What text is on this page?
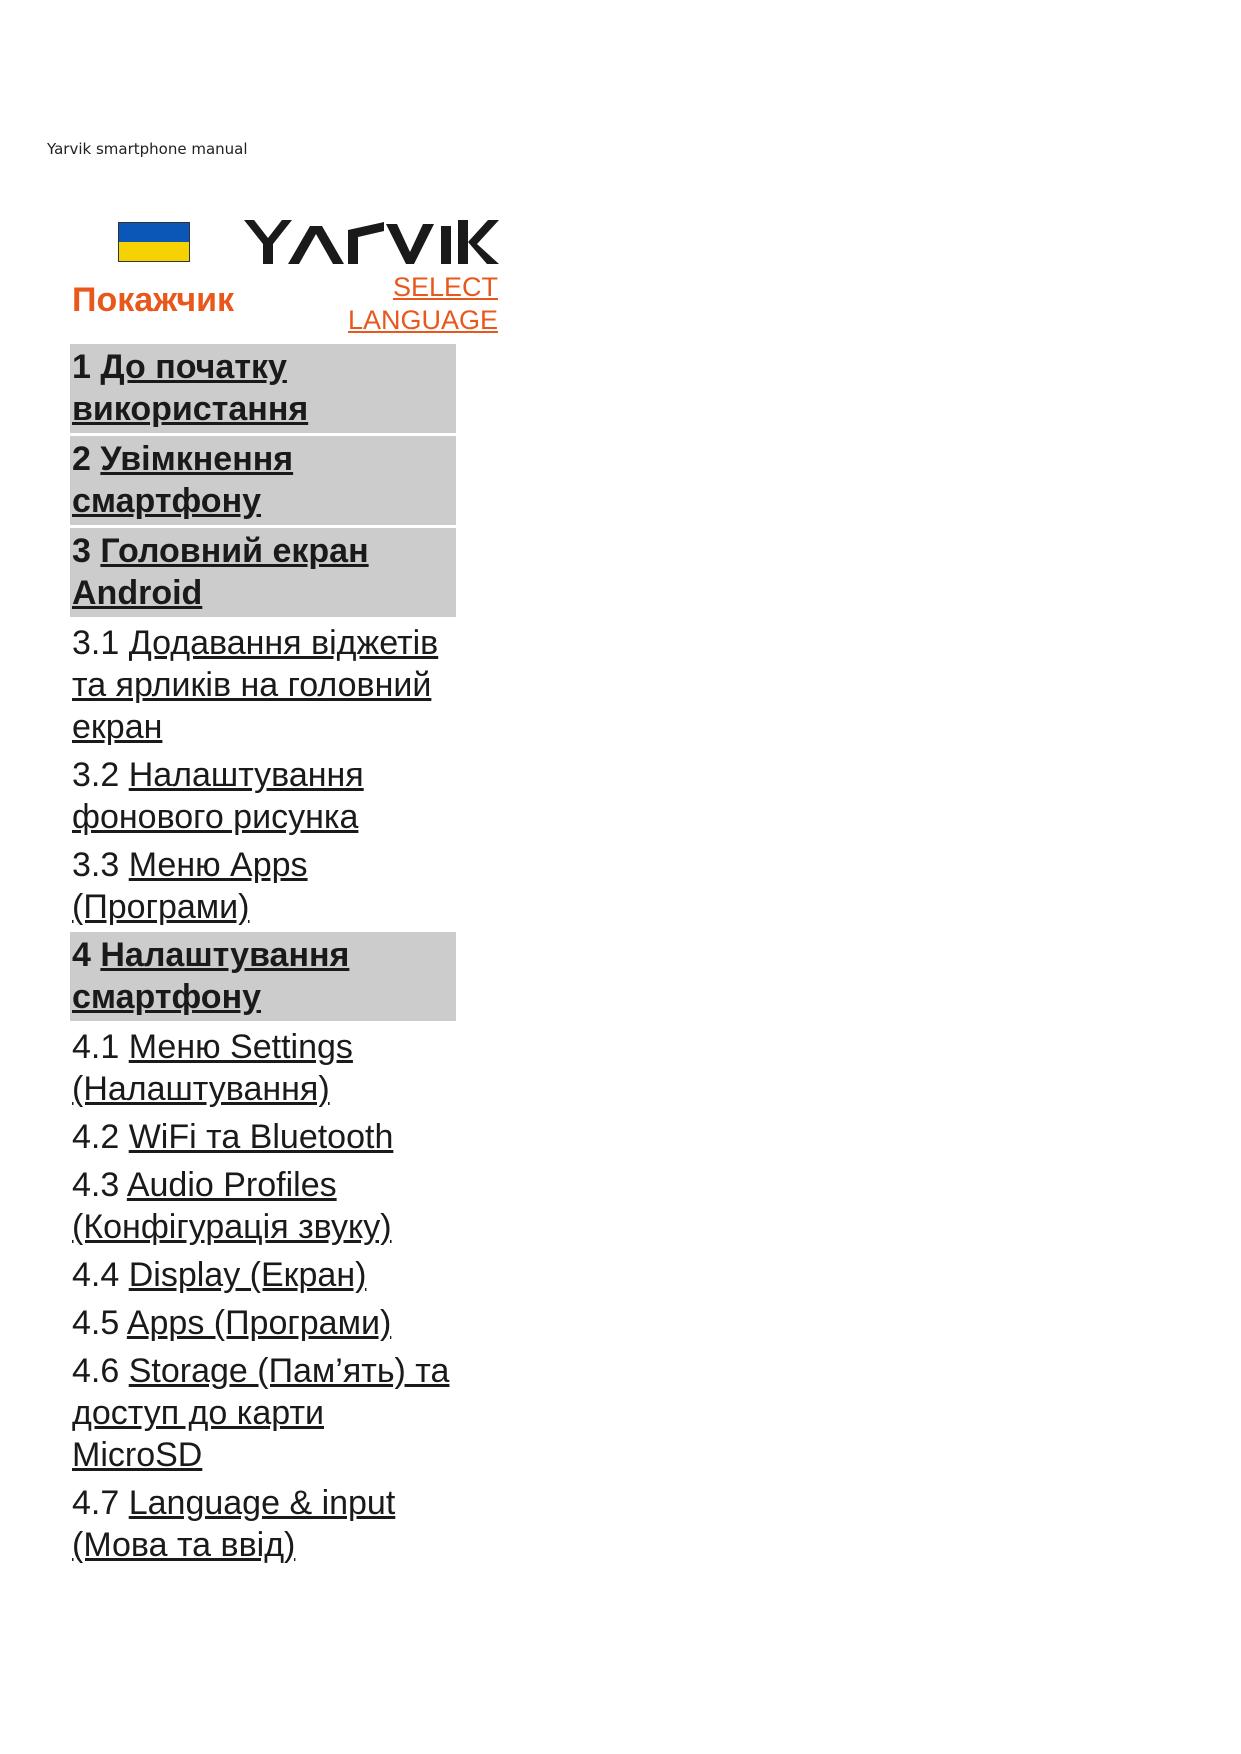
Yarvik smartphone manual
Покажчик	SELECT
LANGUAGE
1 До початку використання
2 Увімкнення смартфону
3 Головний екран Android
3.1 Додавання віджетів та ярликів на головний екран
3.2 Налаштування фонового рисунка
3.3 Меню Apps (Програми)
4 Налаштування смартфону
4.1 Меню Settings (Налаштування)
4.2 WiFi та Bluetooth
4.3 Audio Profiles (Конфігурація звуку)
4.4 Display (Екран)
4.5 Apps (Програми)
4.6 Storage (Пам’ять) та доступ до карти MicroSD
4.7 Language & input (Мова та ввід)
